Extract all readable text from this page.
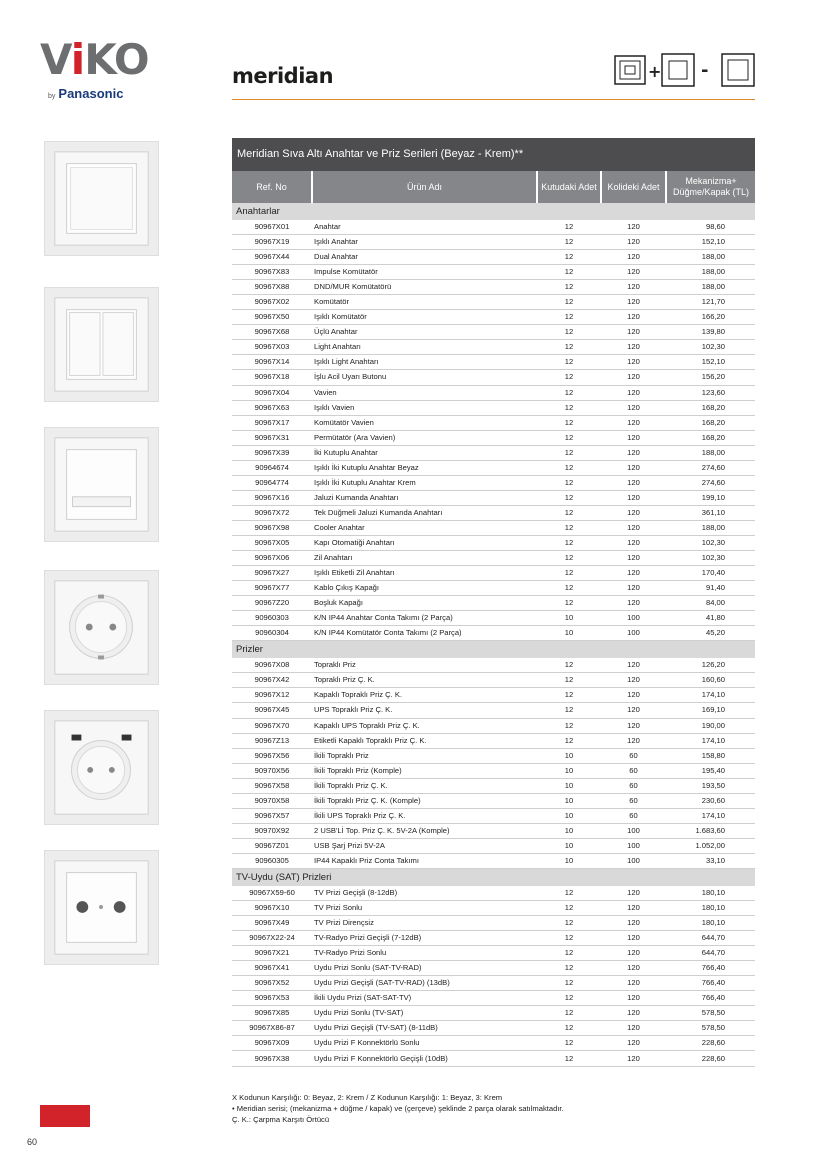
ViKO
by Panasonic
meridian	+ -
Meridian Sıva Altı Anahtar ve Priz Serileri (Beyaz - Krem)**
Ref. No	Ürün Adı	Kutudaki Adet	Kolideki Adet	Mekanizma+ Düğme/Kapak (TL)
Anahtarlar				
90967X01	Anahtar	12	120	98,60
90967X19	Işıklı Anahtar	12	120	152,10
90967X44	Dual Anahtar	12	120	188,00
90967X83	Impulse Komütatör	12	120	188,00
90967X88	DND/MUR Komütatörü	12	120	188,00
90967X02	Komütatör	12	120	121,70
90967X50	Işıklı Komütatör	12	120	166,20
90967X68	Üçlü Anahtar	12	120	139,80
90967X03	Light Anahtarı	12	120	102,30
90967X14	Işıklı Light Anahtarı	12	120	152,10
90967X18	İşlu Acil Uyarı Butonu	12	120	156,20
90967X04	Vavien	12	120	123,60
90967X63	Işıklı Vavien	12	120	168,20
90967X17	Komütatör Vavien	12	120	168,20
90967X31	Permütatör (Ara Vavien)	12	120	168,20
90967X39	İki Kutuplu Anahtar	12	120	188,00
90964674	Işıklı İki Kutuplu Anahtar Beyaz	12	120	274,60
90964774	Işıklı İki Kutuplu Anahtar Krem	12	120	274,60
90967X16	Jaluzi Kumanda Anahtarı	12	120	199,10
90967X72	Tek Düğmeli Jaluzi Kumanda Anahtarı	12	120	361,10
90967X98	Cooler Anahtar	12	120	188,00
90967X05	Kapı Otomatiği Anahtarı	12	120	102,30
90967X06	Zil Anahtarı	12	120	102,30
90967X27	Işıklı Etiketli Zil Anahtarı	12	120	170,40
90967X77	Kablo Çıkış Kapağı	12	120	91,40
90967Z20	Boşluk Kapağı	12	120	84,00
90960303	K/N IP44 Anahtar Conta Takımı (2 Parça)	10	100	41,80
90960304	K/N IP44 Komütatör Conta Takımı (2 Parça)	10	100	45,20
Prizler				
90967X08	Topraklı Priz	12	120	126,20
90967X42	Topraklı Priz Ç. K.	12	120	160,60
90967X12	Kapaklı Topraklı Priz Ç. K.	12	120	174,10
90967X45	UPS Topraklı Priz Ç. K.	12	120	169,10
90967X70	Kapaklı UPS Topraklı Priz Ç. K.	12	120	190,00
90967Z13	Etiketli Kapaklı Topraklı Priz Ç. K.	12	120	174,10
90967X56	İkili Topraklı Priz	10	60	158,80
90970X56	İkili Topraklı Priz (Komple)	10	60	195,40
90967X58	İkili Topraklı Priz Ç. K.	10	60	193,50
90970X58	İkili Topraklı Priz Ç. K. (Komple)	10	60	230,60
90967X57	İkili UPS Topraklı Priz Ç. K.	10	60	174,10
90970X92	2 USB'Lİ Top. Priz Ç. K. 5V-2A (Komple)	10	100	1.683,60
90967Z01	USB Şarj Prizi 5V-2A	10	100	1.052,00
90960305	IP44 Kapaklı Priz Conta Takımı	10	100	33,10
TV-Uydu (SAT) Prizleri				
90967X59-60	TV Prizi Geçişli (8-12dB)	12	120	180,10
90967X10	TV Prizi Sonlu	12	120	180,10
90967X49	TV Prizi Dirençsiz	12	120	180,10
90967X22-24	TV-Radyo Prizi Geçişli (7-12dB)	12	120	644,70
90967X21	TV-Radyo Prizi Sonlu	12	120	644,70
90967X41	Uydu Prizi Sonlu (SAT-TV-RAD)	12	120	766,40
90967X52	Uydu Prizi Geçişli (SAT-TV-RAD) (13dB)	12	120	766,40
90967X53	İkili Uydu Prizi (SAT-SAT-TV)	12	120	766,40
90967X85	Uydu Prizi Sonlu (TV-SAT)	12	120	578,50
90967X86-87	Uydu Prizi Geçişli (TV-SAT) (8-11dB)	12	120	578,50
90967X09	Uydu Prizi F Konnektörlü Sonlu	12	120	228,60
90967X38	Uydu Prizi F Konnektörlü Geçişli (10dB)	12	120	228,60
X Kodunun Karşılığı: 0: Beyaz, 2: Krem / Z Kodunun Karşılığı: 1: Beyaz, 3: Krem
• Meridian serisi; (mekanizma + düğme / kapak) ve (çerçeve) şeklinde 2 parça olarak satılmaktadır.
Ç. K.: Çarpma Karşıtı Örtücü
60
